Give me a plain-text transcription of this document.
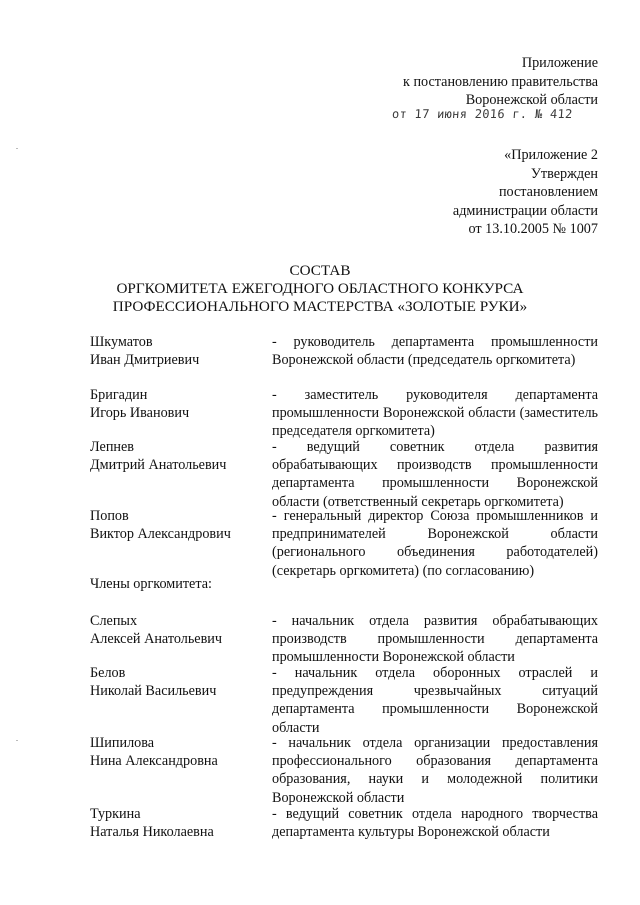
Приложение
к постановлению правительства
Воронежской области
от 17 июня 2016 г. № 412
«Приложение 2
Утвержден
постановлением
администрации области
от 13.10.2005 № 1007
СОСТАВ
ОРГКОМИТЕТА ЕЖЕГОДНОГО ОБЛАСТНОГО КОНКУРСА
ПРОФЕССИОНАЛЬНОГО МАСТЕРСТВА «ЗОЛОТЫЕ РУКИ»
Шкуматов
Иван Дмитриевич
- руководитель департамента промышленности Воронежской области (председатель оргкомитета)
Бригадин
Игорь Иванович
- заместитель руководителя департамента промышленности Воронежской области (заместитель председателя оргкомитета)
Лепнев
Дмитрий Анатольевич
- ведущий советник отдела развития обрабатывающих производств промышленности департамента промышленности Воронежской области (ответственный секретарь оргкомитета)
Попов
Виктор Александрович
- генеральный директор Союза промышленников и предпринимателей Воронежской области (регионального объединения работодателей) (секретарь оргкомитета) (по согласованию)
Члены оргкомитета:
Слепых
Алексей Анатольевич
- начальник отдела развития обрабатывающих производств промышленности департамента промышленности Воронежской области
Белов
Николай Васильевич
- начальник отдела оборонных отраслей и предупреждения чрезвычайных ситуаций департамента промышленности Воронежской области
Шипилова
Нина Александровна
- начальник отдела организации предоставления профессионального образования департамента образования, науки и молодежной политики Воронежской области
Туркина
Наталья Николаевна
- ведущий советник отдела народного творчества департамента культуры Воронежской области
